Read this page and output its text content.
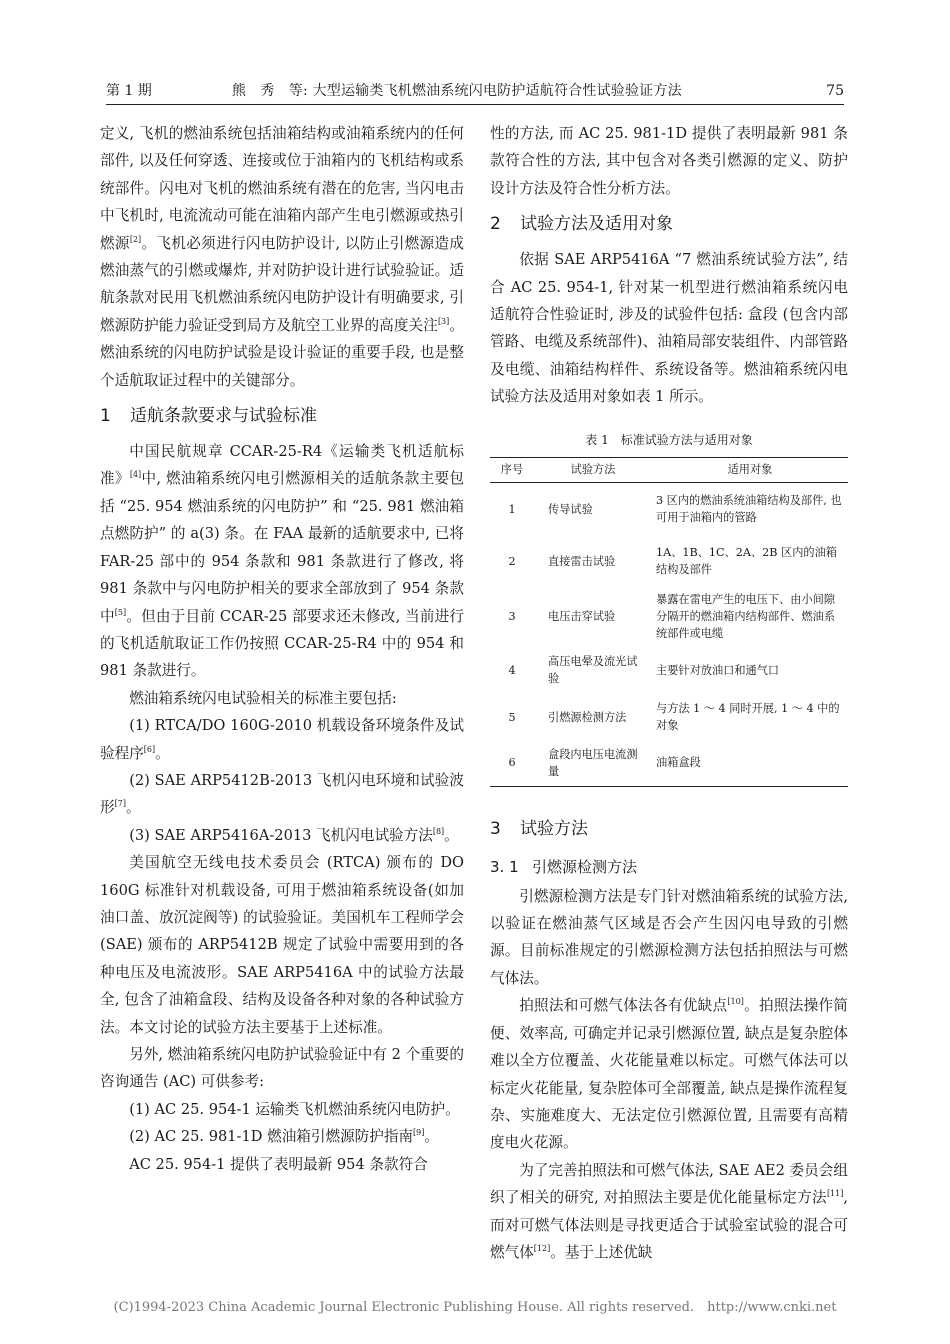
第 1 期	熊　秀　等: 大型运输类飞机燃油系统闪电防护适航符合性试验验证方法	75

定义, 飞机的燃油系统包括油箱结构或油箱系统内的任何部件, 以及任何穿透、连接或位于油箱内的飞机结构或系统部件。闪电对飞机的燃油系统有潜在的危害, 当闪电击中飞机时, 电流流动可能在油箱内部产生电引燃源或热引燃源[2]。飞机必须进行闪电防护设计, 以防止引燃源造成燃油蒸气的引燃或爆炸, 并对防护设计进行试验验证。适航条款对民用飞机燃油系统闪电防护设计有明确要求, 引燃源防护能力验证受到局方及航空工业界的高度关注[3]。燃油系统的闪电防护试验是设计验证的重要手段, 也是整个适航取证过程中的关键部分。

1 适航条款要求与试验标准

中国民航规章 CCAR-25-R4《运输类飞机适航标准》[4]中, 燃油箱系统闪电引燃源相关的适航条款主要包括 “25. 954 燃油系统的闪电防护” 和 “25. 981 燃油箱点燃防护” 的 a(3) 条。在 FAA 最新的适航要求中, 已将 FAR-25 部中的 954 条款和 981 条款进行了修改, 将 981 条款中与闪电防护相关的要求全部放到了 954 条款中[5]。但由于目前 CCAR-25 部要求还未修改, 当前进行的飞机适航取证工作仍按照 CCAR-25-R4 中的 954 和 981 条款进行。

燃油箱系统闪电试验相关的标准主要包括:

(1) RTCA/DO 160G-2010 机载设备环境条件及试验程序[6]。

(2) SAE ARP5412B-2013 飞机闪电环境和试验波形[7]。

(3) SAE ARP5416A-2013 飞机闪电试验方法[8]。

美国航空无线电技术委员会 (RTCA) 颁布的 DO 160G 标准针对机载设备, 可用于燃油箱系统设备(如加油口盖、放沉淀阀等) 的试验验证。美国机车工程师学会 (SAE) 颁布的 ARP5412B 规定了试验中需要用到的各种电压及电流波形。SAE ARP5416A 中的试验方法最全, 包含了油箱盒段、结构及设备各种对象的各种试验方法。本文讨论的试验方法主要基于上述标准。

另外, 燃油箱系统闪电防护试验验证中有 2 个重要的咨询通告 (AC) 可供参考:

(1) AC 25. 954-1 运输类飞机燃油系统闪电防护。

(2) AC 25. 981-1D 燃油箱引燃源防护指南[9]。

AC 25. 954-1 提供了表明最新 954 条款符合

性的方法, 而 AC 25. 981-1D 提供了表明最新 981 条款符合性的方法, 其中包含对各类引燃源的定义、防护设计方法及符合性分析方法。

2 试验方法及适用对象

依据 SAE ARP5416A “7 燃油系统试验方法”, 结合 AC 25. 954-1, 针对某一机型进行燃油箱系统闪电适航符合性验证时, 涉及的试验件包括: 盒段 (包含内部管路、电缆及系统部件)、油箱局部安装组件、内部管路及电缆、油箱结构样件、系统设备等。燃油箱系统闪电试验方法及适用对象如表 1 所示。

表 1　标准试验方法与适用对象
序号	试验方法	适用对象
1	传导试验	3 区内的燃油系统油箱结构及部件, 也可用于油箱内的管路
2	直接雷击试验	1A、1B、1C、2A、2B 区内的油箱结构及部件
3	电压击穿试验	暴露在雷电产生的电压下、由小间隙分隔开的燃油箱内结构部件、燃油系统部件或电缆
4	高压电晕及流光试验	主要针对放油口和通气口
5	引燃源检测方法	与方法 1 ～ 4 同时开展, 1 ～ 4 中的对象
6	盒段内电压电流测量	油箱盒段
3 试验方法
3. 1 引燃源检测方法

引燃源检测方法是专门针对燃油箱系统的试验方法, 以验证在燃油蒸气区域是否会产生因闪电导致的引燃源。目前标准规定的引燃源检测方法包括拍照法与可燃气体法。

拍照法和可燃气体法各有优缺点[10]。拍照法操作简便、效率高, 可确定并记录引燃源位置, 缺点是复杂腔体难以全方位覆盖、火花能量难以标定。可燃气体法可以标定火花能量, 复杂腔体可全部覆盖, 缺点是操作流程复杂、实施难度大、无法定位引燃源位置, 且需要有高精度电火花源。

为了完善拍照法和可燃气体法, SAE AE2 委员会组织了相关的研究, 对拍照法主要是优化能量标定方法[11], 而对可燃气体法则是寻找更适合于试验室试验的混合可燃气体[12]。基于上述优缺

(C)1994-2023 China Academic Journal Electronic Publishing House. All rights reserved.　http://www.cnki.net
